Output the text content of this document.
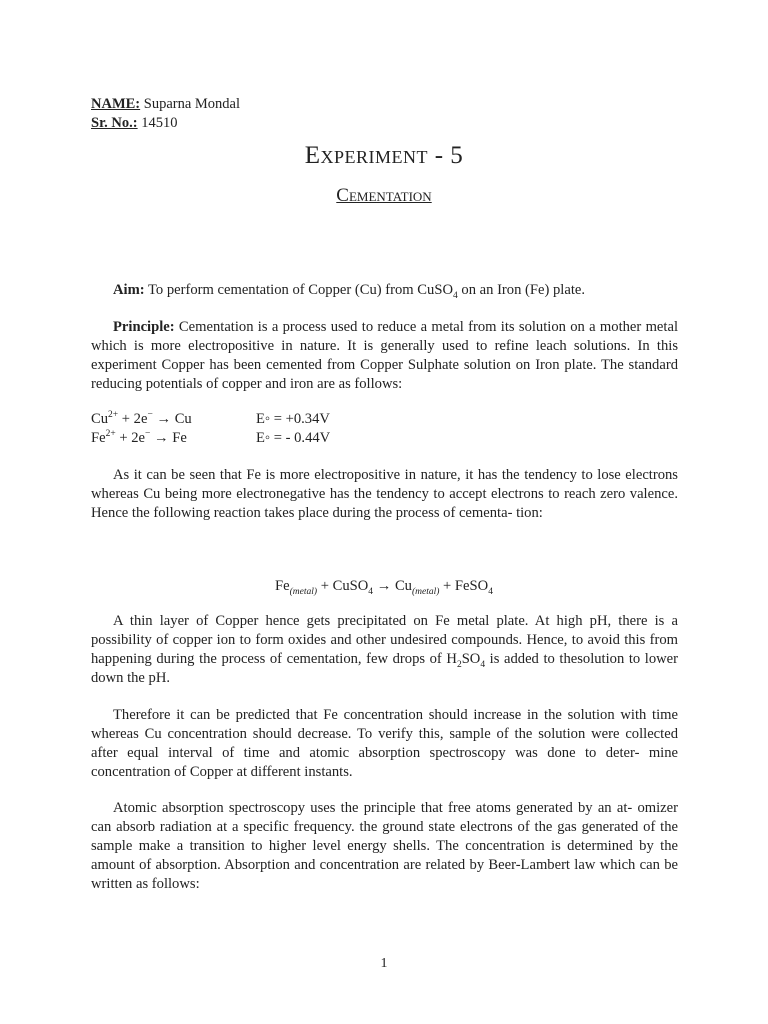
NAME: Suparna Mondal
Sr. No.: 14510
Experiment - 5
Cementation
Aim: To perform cementation of Copper (Cu) from CuSO$_4$ on an Iron (Fe) plate.
Principle: Cementation is a process used to reduce a metal from its solution on a mother metal which is more electropositive in nature. It is generally used to refine leach solutions. In this experiment Copper has been cemented from Copper Sulphate solution on Iron plate. The standard reducing potentials of copper and iron are as follows:
$Cu^{2+} + 2e^- \to Cu$	E◦ = +0.34V
$Fe^{2+} + 2e^- \to Fe$	E◦ = - 0.44V
As it can be seen that Fe is more electropositive in nature, it has the tendency to lose electrons whereas Cu being more electronegative has the tendency to accept electrons to reach zero valence. Hence the following reaction takes place during the process of cementa- tion:
$Fe_{(metal)}$ + CuSO$_4$ → $Cu_{(metal)}$ + FeSO$_4$
A thin layer of Copper hence gets precipitated on Fe metal plate. At high pH, there is a possibility of copper ion to form oxides and other undesired compounds. Hence, to avoid this from happening during the process of cementation, few drops of $H_2SO_4$ is added to thesolution to lower down the pH.
Therefore it can be predicted that Fe concentration should increase in the solution with time whereas Cu concentration should decrease. To verify this, sample of the solution were collected after equal interval of time and atomic absorption spectroscopy was done to deter- mine concentration of Copper at different instants.
Atomic absorption spectroscopy uses the principle that free atoms generated by an at- omizer can absorb radiation at a specific frequency. the ground state electrons of the gas generated of the sample make a transition to higher level energy shells. The concentration is determined by the amount of absorption. Absorption and concentration are related by Beer-Lambert law which can be written as follows:
1
